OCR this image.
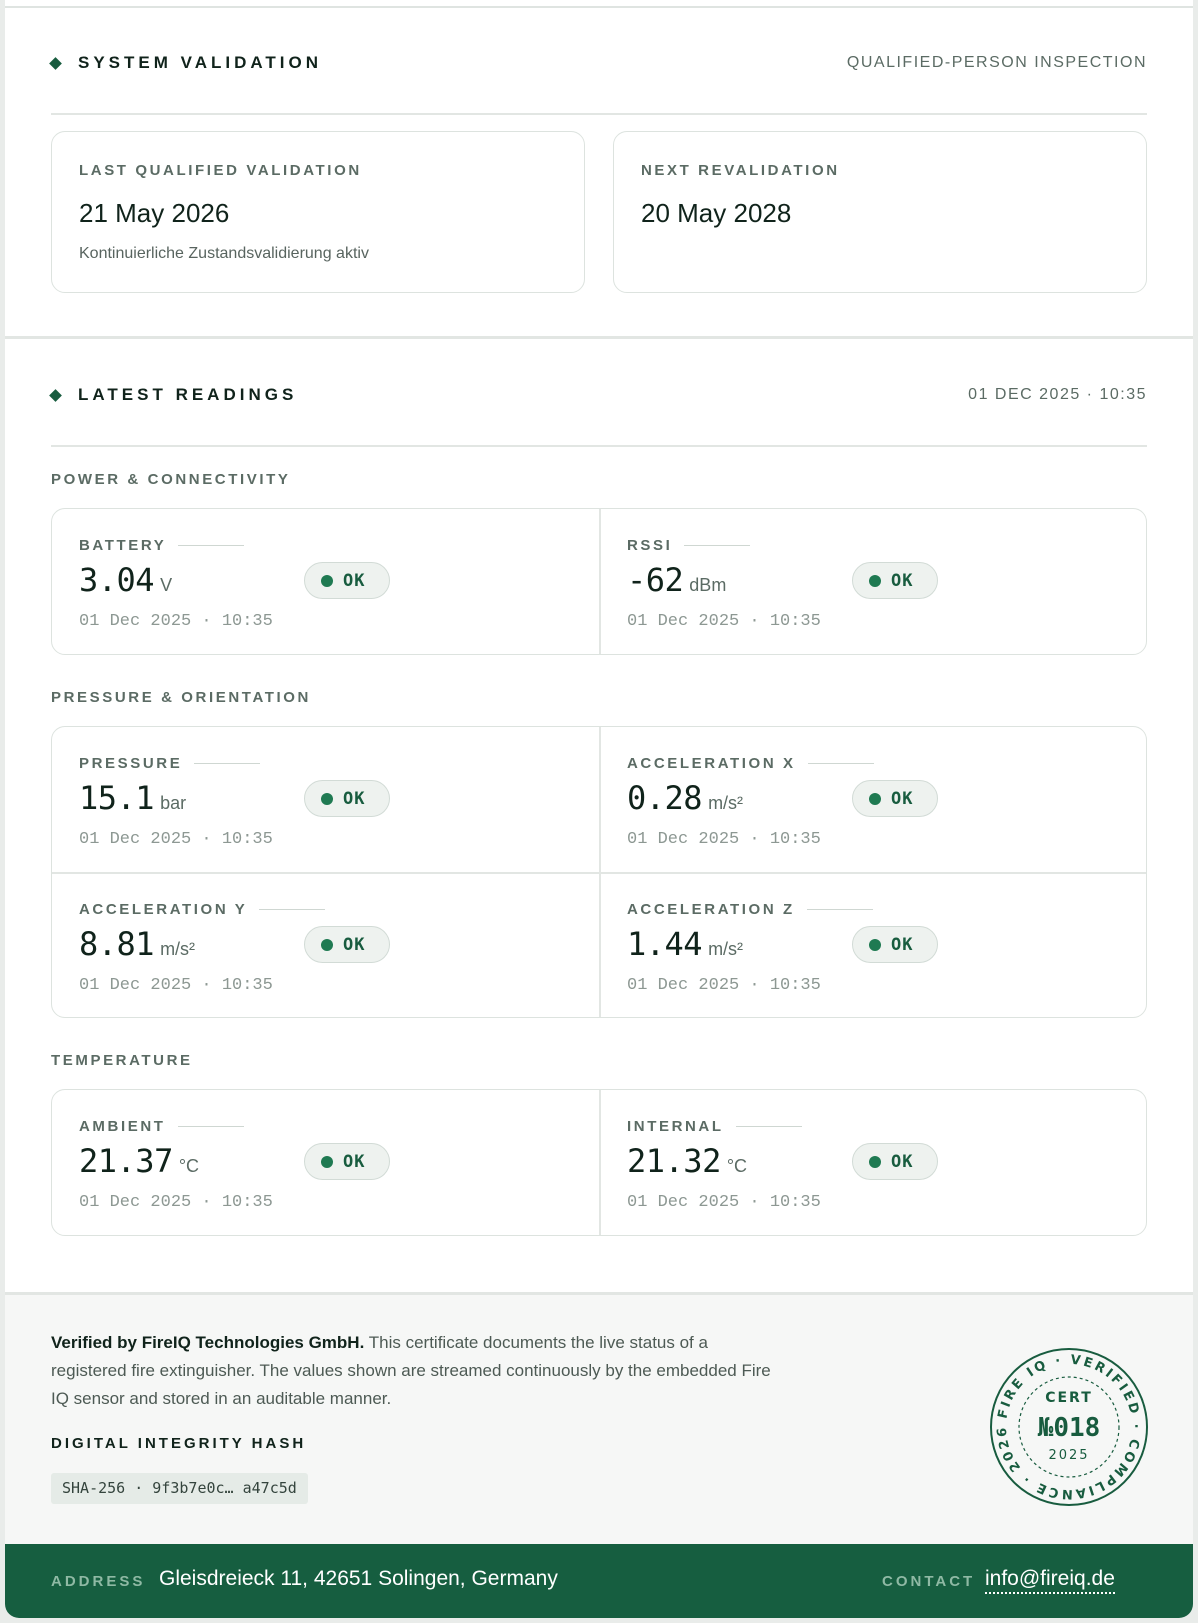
SYSTEM VALIDATION	QUALIFIED-PERSON INSPECTION
LAST QUALIFIED VALIDATION
21 May 2026
Kontinuierliche Zustandsvalidierung aktiv
NEXT REVALIDATION
20 May 2028
LATEST READINGS	01 DEC 2025 · 10:35
POWER & CONNECTIVITY
BATTERY
3.04 V
01 Dec 2025 · 10:35
OK
RSSI
-62 dBm
01 Dec 2025 · 10:35
OK
PRESSURE & ORIENTATION
PRESSURE
15.1 bar
01 Dec 2025 · 10:35
OK
ACCELERATION X
0.28 m/s²
01 Dec 2025 · 10:35
OK
ACCELERATION Y
8.81 m/s²
01 Dec 2025 · 10:35
OK
ACCELERATION Z
1.44 m/s²
01 Dec 2025 · 10:35
OK
TEMPERATURE
AMBIENT
21.37 °C
01 Dec 2025 · 10:35
OK
INTERNAL
21.32 °C
01 Dec 2025 · 10:35
OK
Verified by FireIQ Technologies GmbH. This certificate documents the live status of a registered fire extinguisher. The values shown are streamed continuously by the embedded Fire IQ sensor and stored in an auditable manner.
DIGITAL INTEGRITY HASH
SHA-256 · 9f3b7e0c… a47c5d
FIRE IQ · VERIFIED · COMPLIANCE · 2026
CERT
№018
2025
ADDRESS Gleisdreieck 11, 42651 Solingen, Germany	CONTACT info@fireiq.de
